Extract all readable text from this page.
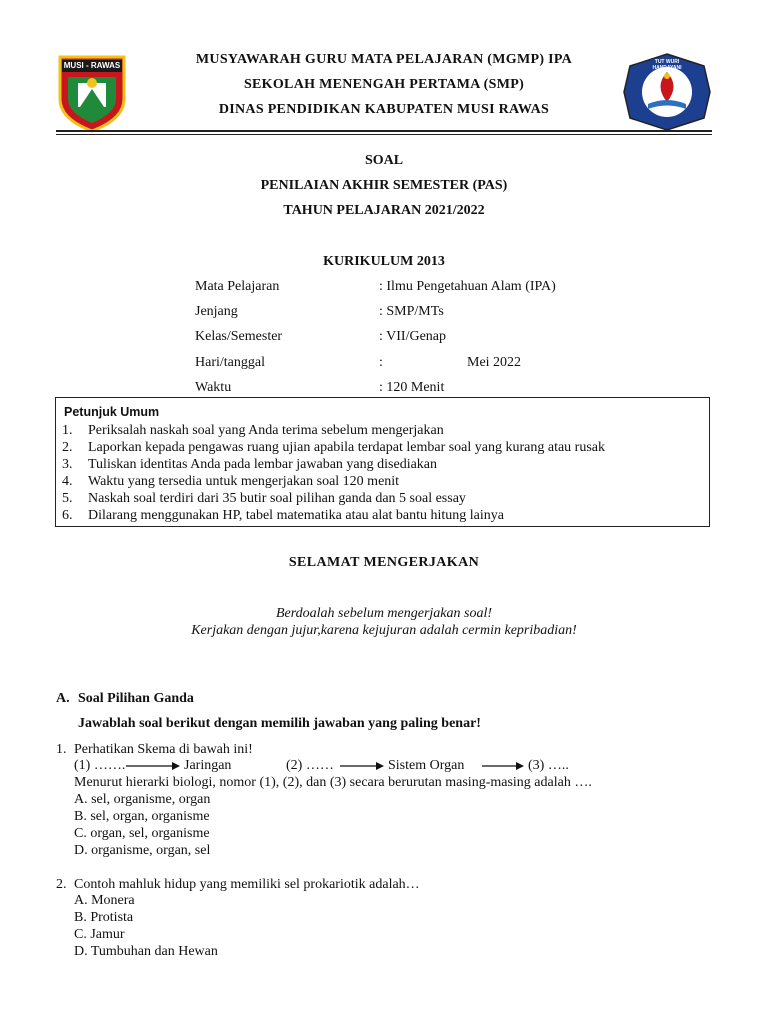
MUSI - RAWAS	TUT WURI HANDAYANI
MUSYAWARAH GURU MATA PELAJARAN (MGMP) IPA
SEKOLAH MENENGAH PERTAMA (SMP)
DINAS PENDIDIKAN KABUPATEN MUSI RAWAS
SOAL
PENILAIAN AKHIR SEMESTER (PAS)
TAHUN PELAJARAN 2021/2022
KURIKULUM 2013
Mata Pelajaran	: Ilmu Pengetahuan Alam (IPA)
Jenjang	: SMP/MTs
Kelas/Semester	: VII/Genap
Hari/tanggal	:	Mei 2022
Waktu	: 120 Menit
Petunjuk Umum
1. Periksalah naskah soal yang Anda terima sebelum mengerjakan
2. Laporkan kepada pengawas ruang ujian apabila terdapat lembar soal yang kurang atau rusak
3. Tuliskan identitas Anda pada lembar jawaban yang disediakan
4. Waktu yang tersedia untuk mengerjakan soal 120 menit
5. Naskah soal terdiri dari 35 butir soal pilihan ganda dan 5 soal essay
6. Dilarang menggunakan HP, tabel matematika atau alat bantu hitung lainya
SELAMAT MENGERJAKAN
Berdoalah sebelum mengerjakan soal!
Kerjakan dengan jujur,karena kejujuran adalah cermin kepribadian!
A. Soal Pilihan Ganda
Jawablah soal berikut dengan memilih jawaban yang paling benar!
1. Perhatikan Skema di bawah ini!
(1) …….	Jaringan	(2) ……	Sistem Organ	(3) …..
Menurut hierarki biologi, nomor (1), (2), dan (3) secara berurutan masing-masing adalah ….
A. sel, organisme, organ
B. sel, organ, organisme
C. organ, sel, organisme
D. organisme, organ, sel
2. Contoh mahluk hidup yang memiliki sel prokariotik adalah…
A. Monera
B. Protista
C. Jamur
D. Tumbuhan dan Hewan
